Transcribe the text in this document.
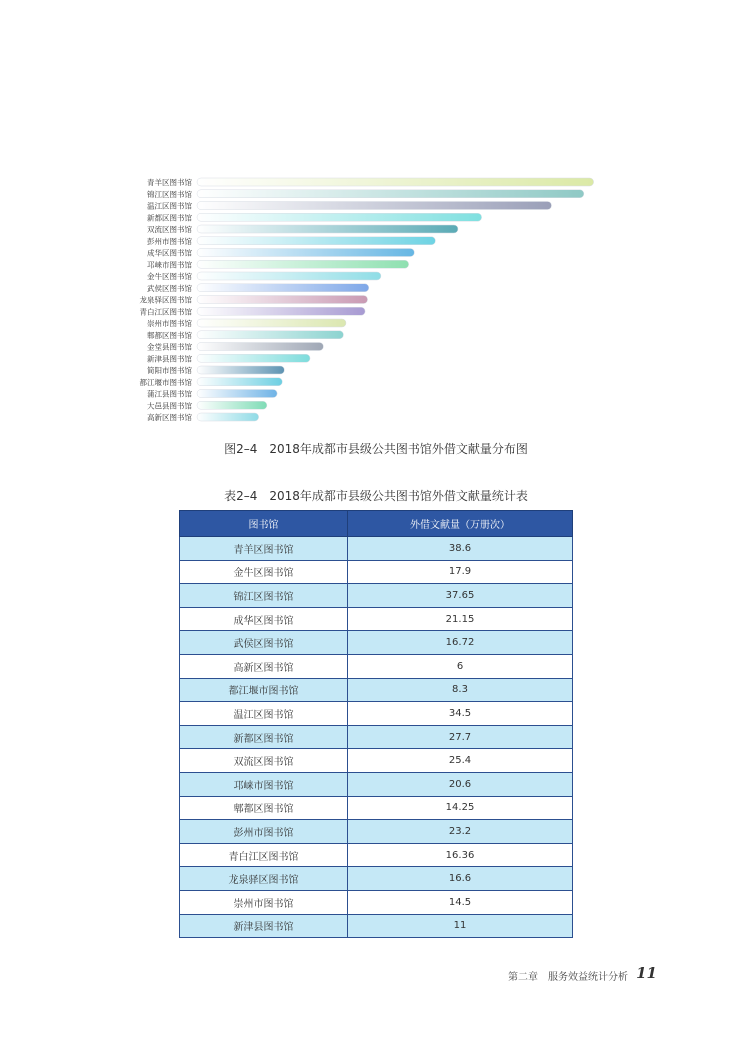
青羊区图书馆
锦江区图书馆
温江区图书馆
新都区图书馆
双流区图书馆
彭州市图书馆
成华区图书馆
邛崃市图书馆
金牛区图书馆
武侯区图书馆
龙泉驿区图书馆
青白江区图书馆
崇州市图书馆
郫都区图书馆
金堂县图书馆
新津县图书馆
简阳市图书馆
都江堰市图书馆
蒲江县图书馆
大邑县图书馆
高新区图书馆
图2–4　2018年成都市县级公共图书馆外借文献量分布图
表2–4　2018年成都市县级公共图书馆外借文献量统计表
图书馆	外借文献量（万册次）
青羊区图书馆	38.6
金牛区图书馆	17.9
锦江区图书馆	37.65
成华区图书馆	21.15
武侯区图书馆	16.72
高新区图书馆	6
都江堰市图书馆	8.3
温江区图书馆	34.5
新都区图书馆	27.7
双流区图书馆	25.4
邛崃市图书馆	20.6
郫都区图书馆	14.25
彭州市图书馆	23.2
青白江区图书馆	16.36
龙泉驿区图书馆	16.6
崇州市图书馆	14.5
新津县图书馆	11
第二章　服务效益统计分析 11
